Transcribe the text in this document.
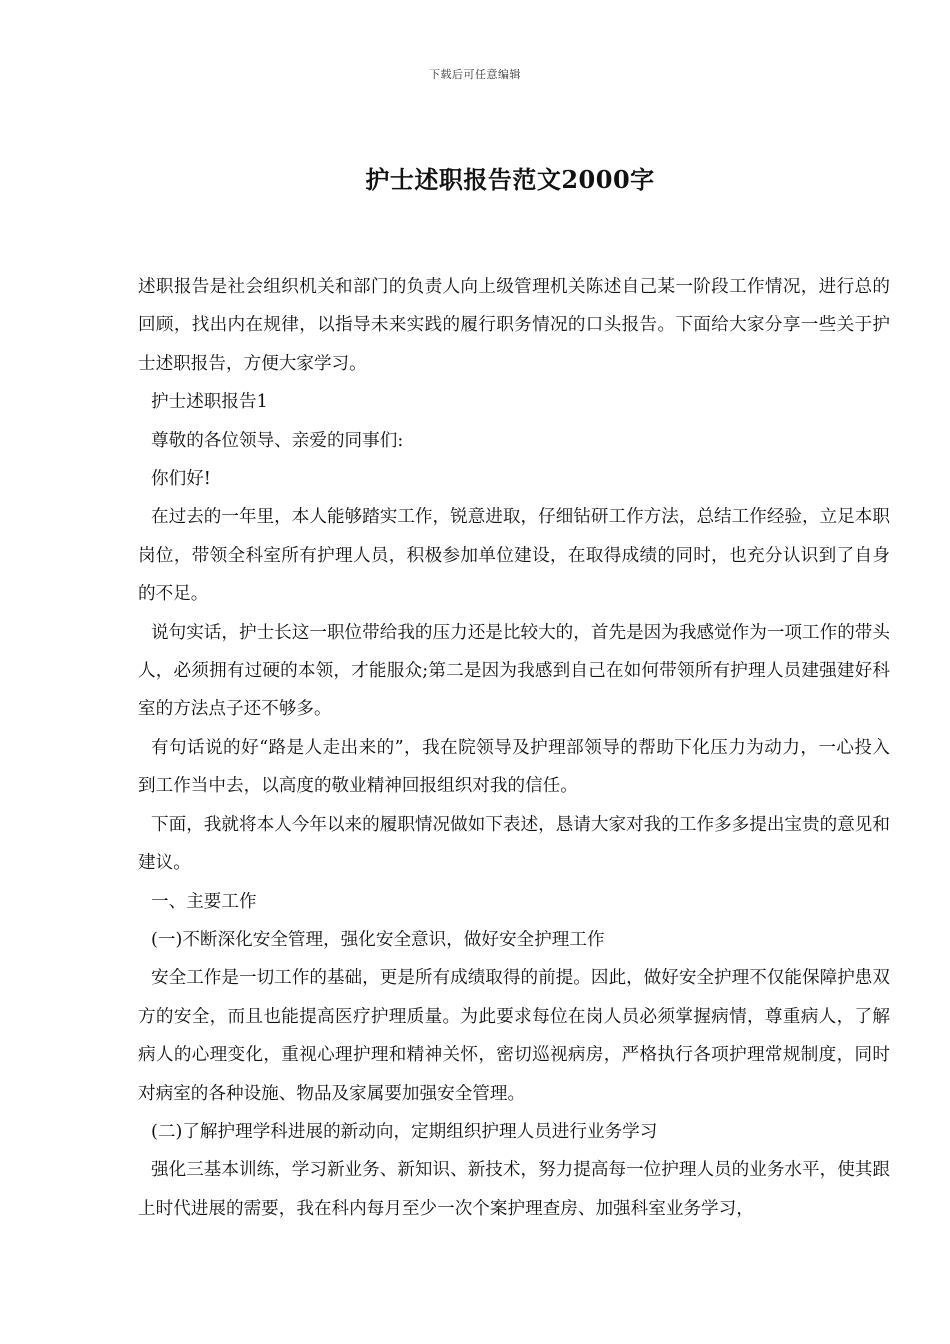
下载后可任意编辑
护士述职报告范文2000字

述职报告是社会组织机关和部门的负责人向上级管理机关陈述自己某一阶段工作情况，进行总的回顾，找出内在规律，以指导未来实践的履行职务情况的口头报告。下面给大家分享一些关于护士述职报告，方便大家学习。

护士述职报告1

尊敬的各位领导、亲爱的同事们:

你们好!

在过去的一年里，本人能够踏实工作，锐意进取，仔细钻研工作方法，总结工作经验，立足本职岗位，带领全科室所有护理人员，积极参加单位建设，在取得成绩的同时，也充分认识到了自身的不足。

说句实话，护士长这一职位带给我的压力还是比较大的，首先是因为我感觉作为一项工作的带头人，必须拥有过硬的本领，才能服众;第二是因为我感到自己在如何带领所有护理人员建强建好科室的方法点子还不够多。

有句话说的好“路是人走出来的”，我在院领导及护理部领导的帮助下化压力为动力，一心投入到工作当中去，以高度的敬业精神回报组织对我的信任。

下面，我就将本人今年以来的履职情况做如下表述，恳请大家对我的工作多多提出宝贵的意见和建议。

一、主要工作

(一)不断深化安全管理，强化安全意识，做好安全护理工作

安全工作是一切工作的基础，更是所有成绩取得的前提。因此，做好安全护理不仅能保障护患双方的安全，而且也能提高医疗护理质量。为此要求每位在岗人员必须掌握病情，尊重病人，了解病人的心理变化，重视心理护理和精神关怀，密切巡视病房，严格执行各项护理常规制度，同时对病室的各种设施、物品及家属要加强安全管理。

(二)了解护理学科进展的新动向，定期组织护理人员进行业务学习

强化三基本训练，学习新业务、新知识、新技术，努力提高每一位护理人员的业务水平，使其跟上时代进展的需要，我在科内每月至少一次个案护理查房、加强科室业务学习，
